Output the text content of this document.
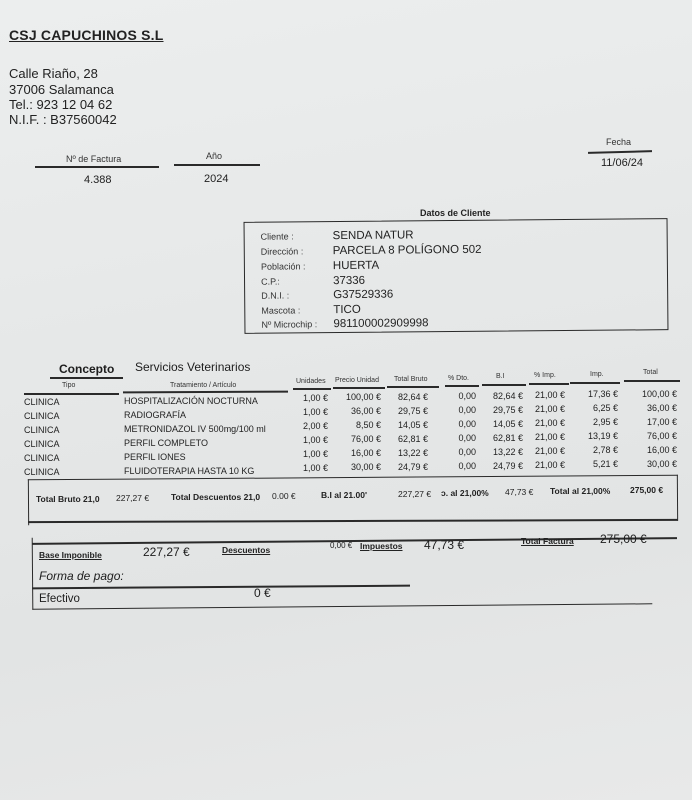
CSJ CAPUCHINOS S.L
Calle Riaño, 28
37006 Salamanca
Tel.: 923 12 04 62
N.I.F. : B37560042
Nº de Factura
4.388
Año
2024
Fecha
11/06/24
Datos de Cliente
Cliente :	SENDA NATUR
Dirección :	PARCELA 8 POLÍGONO 502
Población :	HUERTA
C.P.:	37336
D.N.I. :	G37529336
Mascota :	TICO
Nº Microchip :	981100002909998
Concepto Servicios Veterinarios
Tipo	Tratamiento / Artículo
Unidades Precio Unidad Total Bruto	% Dto.	B.I	% Imp.	Imp.	Total
CLINICA	HOSPITALIZACIÓN NOCTURNA	1,00 €	100,00 €	82,64 €	0,00	82,64 €	21,00 €	17,36 €	100,00 €
CLINICA	RADIOGRAFÍA	1,00 €	36,00 €	29,75 €	0,00	29,75 €	21,00 €	6,25 €	36,00 €
CLINICA	METRONIDAZOL IV 500mg/100 ml	2,00 €	8,50 €	14,05 €	0,00	14,05 €	21,00 €	2,95 €	17,00 €
CLINICA	PERFIL COMPLETO	1,00 €	76,00 €	62,81 €	0,00	62,81 €	21,00 €	13,19 €	76,00 €
CLINICA	PERFIL IONES	1,00 €	16,00 €	13,22 €	0,00	13,22 €	21,00 €	2,78 €	16,00 €
CLINICA	FLUIDOTERAPIA HASTA 10 KG	1,00 €	30,00 €	24,79 €	0,00	24,79 €	21,00 €	5,21 €	30,00 €
Total Bruto 21,0 227,27 €	Total Descuentos 21,0 0.00 €	B.I al 21.00'	227,27 € ɔ. al 21,00% 47,73 € Total al 21,00% 275,00 €
Base Imponible	227,27 €	Descuentos	0,00 € Impuestos 47,73 €	Total Factura 275,00 €
Forma de pago:
Efectivo	0 €
